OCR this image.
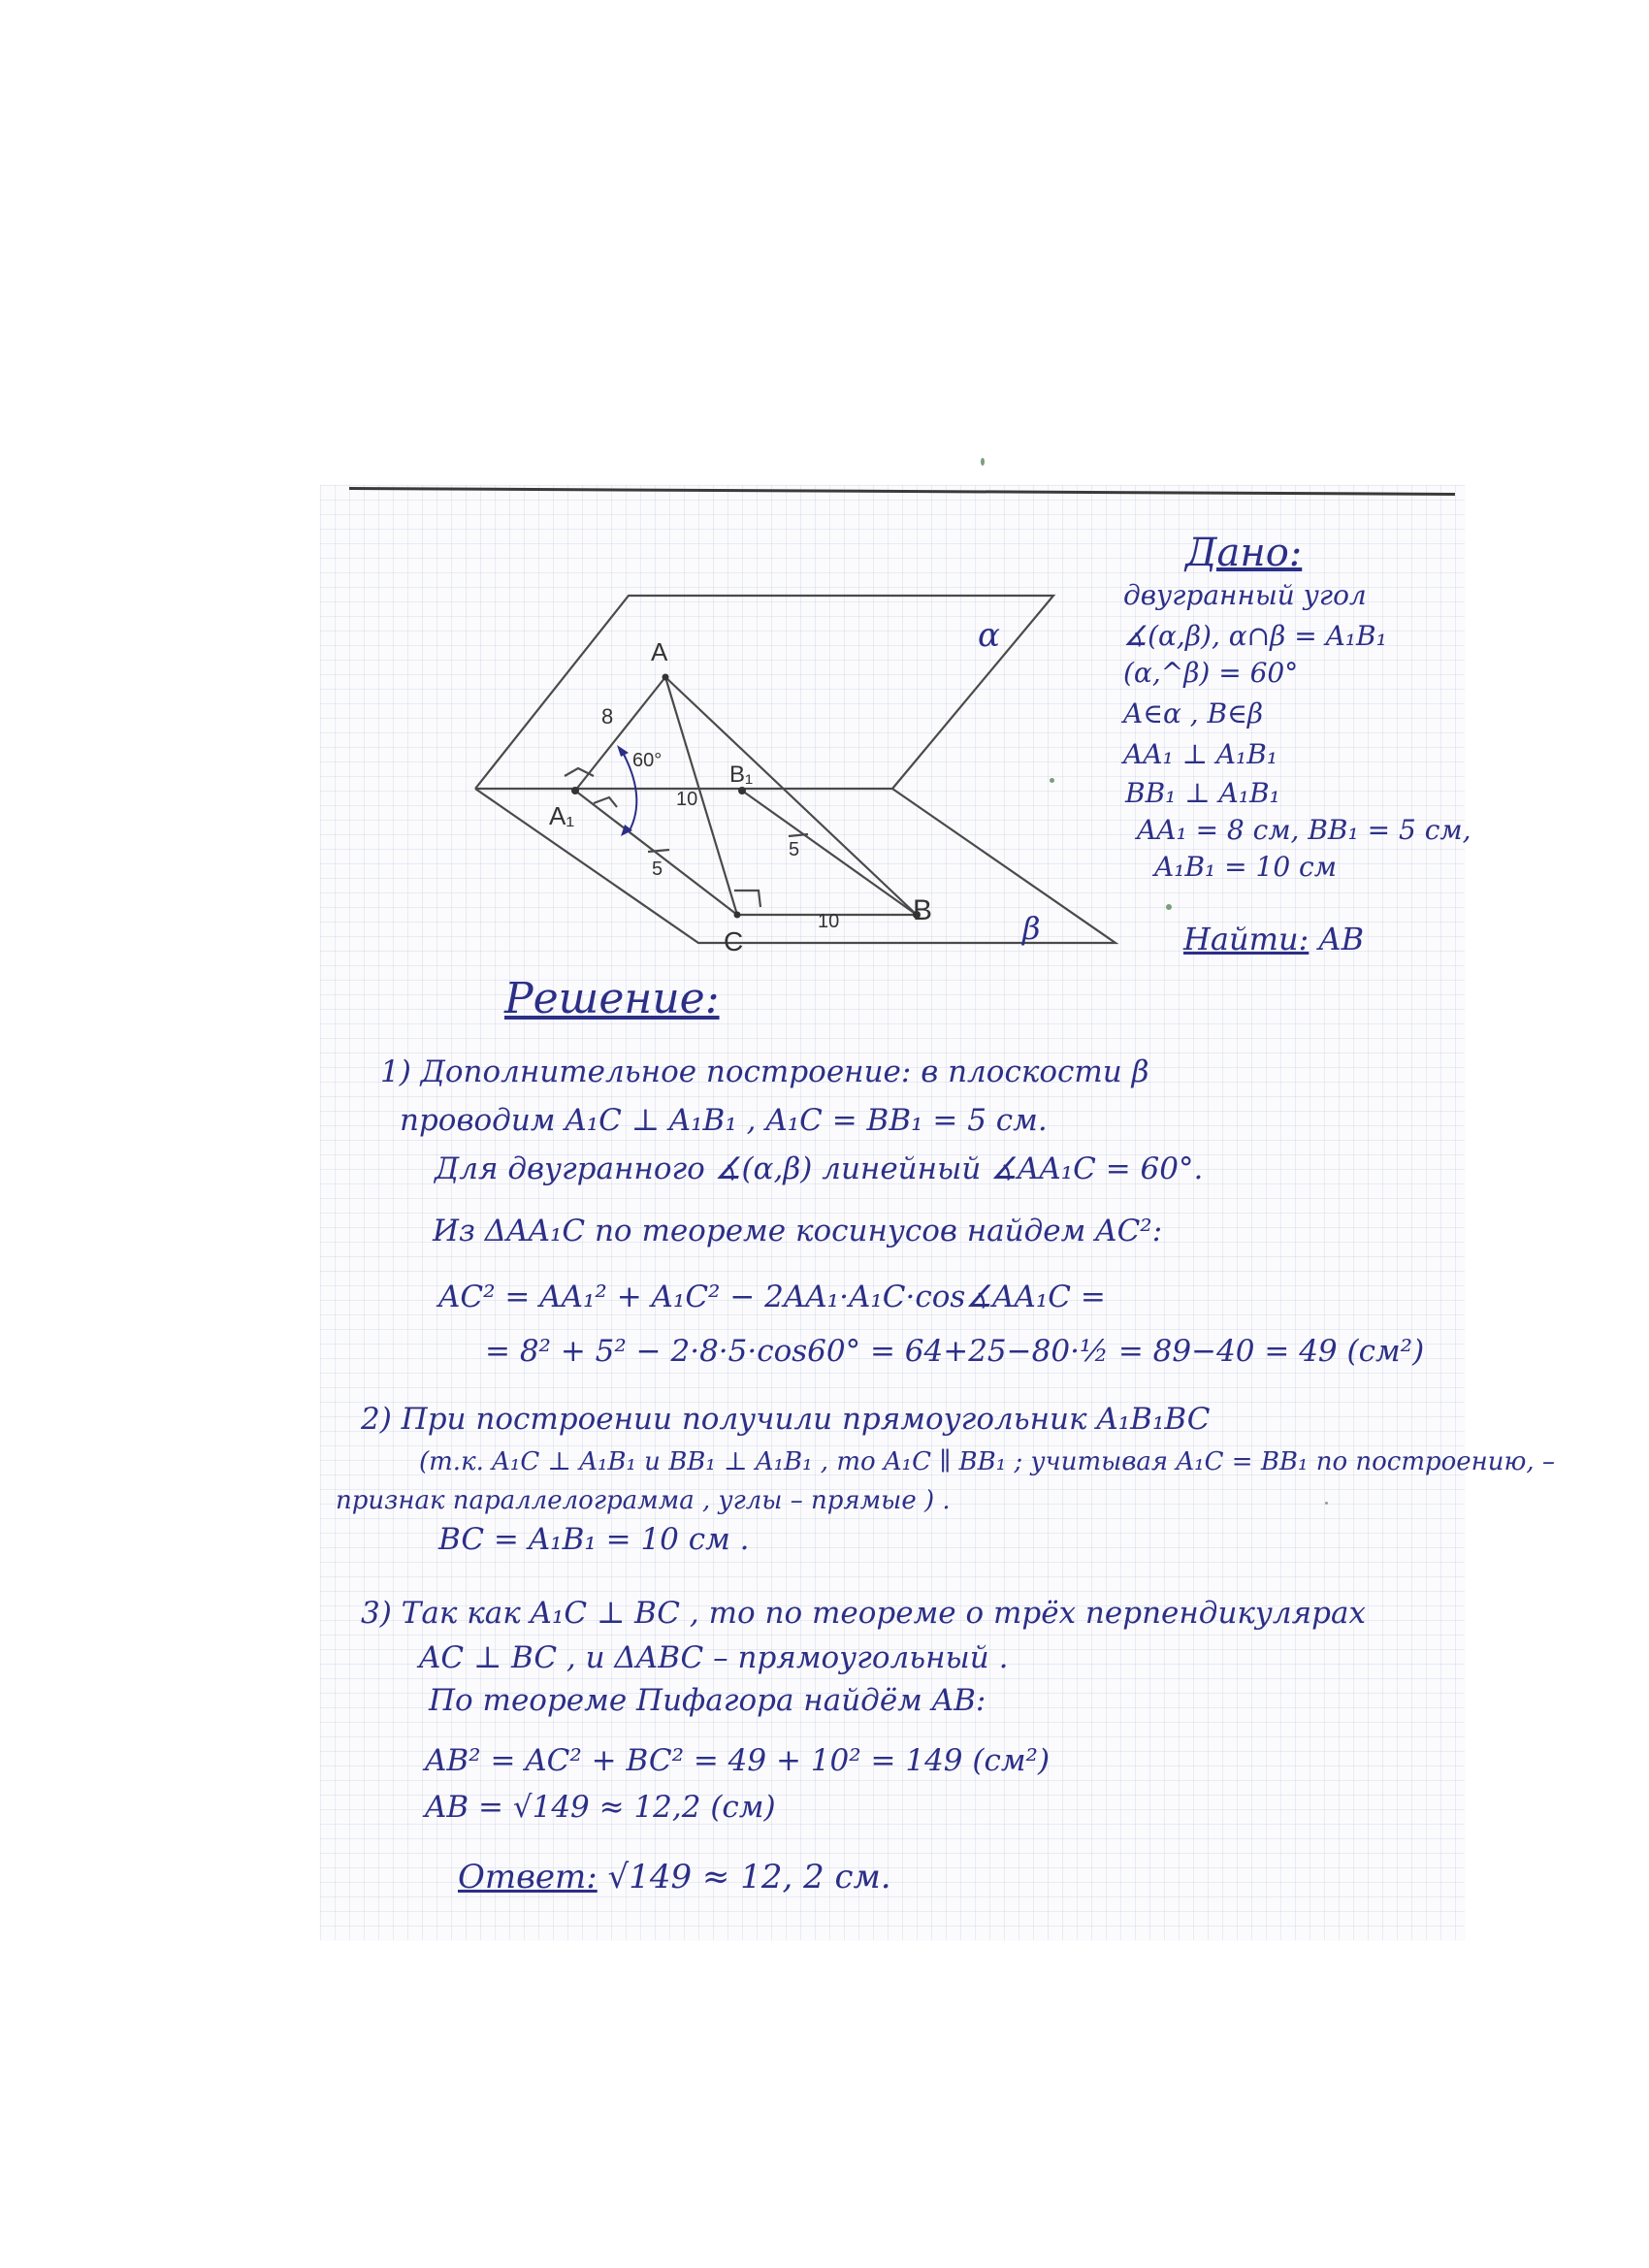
A
A₁
B₁
C
B
8
60°
10
5
5
10
α
β
Дано:
двугранный угол
∡(α,β), α∩β = A₁B₁
(α,^β) = 60°
A∈α , B∈β
AA₁ ⊥ A₁B₁
BB₁ ⊥ A₁B₁
AA₁ = 8 см, BB₁ = 5 см,
A₁B₁ = 10 см
Найти: AB
Решение:
1) Дополнительное построение: в плоскости β
проводим A₁C ⊥ A₁B₁ , A₁C = BB₁ = 5 см.
Для двугранного ∡(α,β) линейный ∡AA₁C = 60°.
Из ΔAA₁C по теореме косинусов найдем AC²:
AC² = AA₁² + A₁C² − 2AA₁·A₁C·cos∡AA₁C =
= 8² + 5² − 2·8·5·cos60° = 64+25−80·½ = 89−40 = 49 (см²)
2) При построении получили прямоугольник A₁B₁BC
(т.к. A₁C ⊥ A₁B₁ и BB₁ ⊥ A₁B₁ , то A₁C ∥ BB₁ ; учитывая A₁C = BB₁ по построению, –
признак параллелограмма , углы – прямые ) .
BC = A₁B₁ = 10 см .
3) Так как A₁C ⊥ BC , то по теореме о трёх перпендикулярах
AC ⊥ BC , и ΔABC – прямоугольный .
По теореме Пифагора найдём AB:
AB² = AC² + BC² = 49 + 10² = 149 (см²)
AB = √149 ≈ 12,2 (см)
Ответ: √149 ≈ 12, 2 см.
